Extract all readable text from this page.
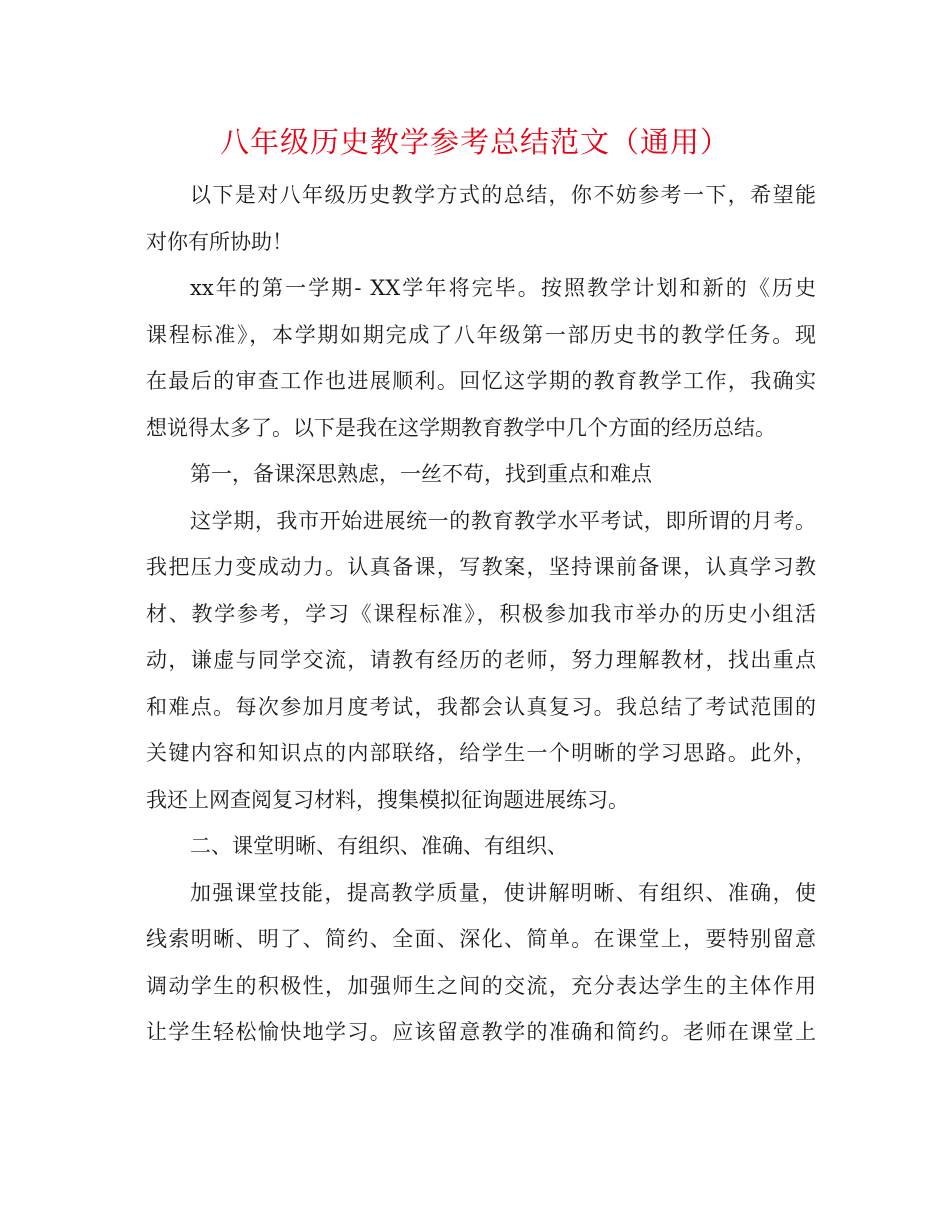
八年级历史教学参考总结范文（通用）
以下是对八年级历史教学方式的总结，你不妨参考一下，希望能
对你有所协助！
xx年的第一学期- XX学年将完毕。按照教学计划和新的《历史
课程标准》，本学期如期完成了八年级第一部历史书的教学任务。现
在最后的审查工作也进展顺利。回忆这学期的教育教学工作，我确实
想说得太多了。以下是我在这学期教育教学中几个方面的经历总结。
第一，备课深思熟虑，一丝不苟，找到重点和难点
这学期，我市开始进展统一的教育教学水平考试，即所谓的月考。
我把压力变成动力。认真备课，写教案，坚持课前备课，认真学习教
材、教学参考，学习《课程标准》，积极参加我市举办的历史小组活
动，谦虚与同学交流，请教有经历的老师，努力理解教材，找出重点
和难点。每次参加月度考试，我都会认真复习。我总结了考试范围的
关键内容和知识点的内部联络，给学生一个明晰的学习思路。此外，
我还上网查阅复习材料，搜集模拟征询题进展练习。
二、课堂明晰、有组织、准确、有组织、
加强课堂技能，提高教学质量，使讲解明晰、有组织、准确，使
线索明晰、明了、简约、全面、深化、简单。在课堂上，要特别留意
调动学生的积极性，加强师生之间的交流，充分表达学生的主体作用
让学生轻松愉快地学习。应该留意教学的准确和简约。老师在课堂上
